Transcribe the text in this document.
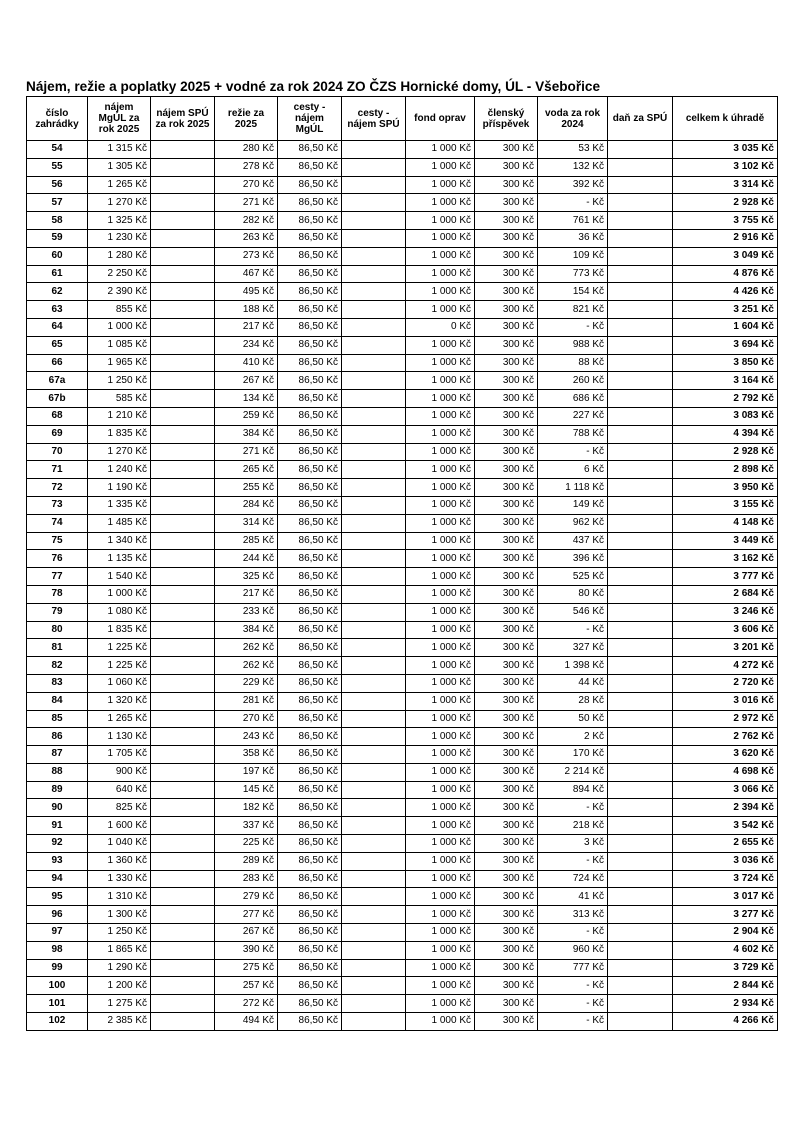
Nájem, režie a poplatky 2025 + vodné za rok 2024 ZO ČZS Hornické domy, ÚL - Všebořice
číslo zahrádky	nájem MgÚL za rok 2025	nájem SPÚ za rok 2025	režie za 2025	cesty - nájem MgÚL	cesty - nájem SPÚ	fond oprav	členský příspěvek	voda za rok 2024	daň za SPÚ	celkem k úhradě
54	1 315 Kč		280 Kč	86,50 Kč		1 000 Kč	300 Kč	53 Kč		3 035 Kč
55	1 305 Kč		278 Kč	86,50 Kč		1 000 Kč	300 Kč	132 Kč		3 102 Kč
56	1 265 Kč		270 Kč	86,50 Kč		1 000 Kč	300 Kč	392 Kč		3 314 Kč
57	1 270 Kč		271 Kč	86,50 Kč		1 000 Kč	300 Kč	- Kč		2 928 Kč
58	1 325 Kč		282 Kč	86,50 Kč		1 000 Kč	300 Kč	761 Kč		3 755 Kč
59	1 230 Kč		263 Kč	86,50 Kč		1 000 Kč	300 Kč	36 Kč		2 916 Kč
60	1 280 Kč		273 Kč	86,50 Kč		1 000 Kč	300 Kč	109 Kč		3 049 Kč
61	2 250 Kč		467 Kč	86,50 Kč		1 000 Kč	300 Kč	773 Kč		4 876 Kč
62	2 390 Kč		495 Kč	86,50 Kč		1 000 Kč	300 Kč	154 Kč		4 426 Kč
63	855 Kč		188 Kč	86,50 Kč		1 000 Kč	300 Kč	821 Kč		3 251 Kč
64	1 000 Kč		217 Kč	86,50 Kč		0 Kč	300 Kč	- Kč		1 604 Kč
65	1 085 Kč		234 Kč	86,50 Kč		1 000 Kč	300 Kč	988 Kč		3 694 Kč
66	1 965 Kč		410 Kč	86,50 Kč		1 000 Kč	300 Kč	88 Kč		3 850 Kč
67a	1 250 Kč		267 Kč	86,50 Kč		1 000 Kč	300 Kč	260 Kč		3 164 Kč
67b	585 Kč		134 Kč	86,50 Kč		1 000 Kč	300 Kč	686 Kč		2 792 Kč
68	1 210 Kč		259 Kč	86,50 Kč		1 000 Kč	300 Kč	227 Kč		3 083 Kč
69	1 835 Kč		384 Kč	86,50 Kč		1 000 Kč	300 Kč	788 Kč		4 394 Kč
70	1 270 Kč		271 Kč	86,50 Kč		1 000 Kč	300 Kč	- Kč		2 928 Kč
71	1 240 Kč		265 Kč	86,50 Kč		1 000 Kč	300 Kč	6 Kč		2 898 Kč
72	1 190 Kč		255 Kč	86,50 Kč		1 000 Kč	300 Kč	1 118 Kč		3 950 Kč
73	1 335 Kč		284 Kč	86,50 Kč		1 000 Kč	300 Kč	149 Kč		3 155 Kč
74	1 485 Kč		314 Kč	86,50 Kč		1 000 Kč	300 Kč	962 Kč		4 148 Kč
75	1 340 Kč		285 Kč	86,50 Kč		1 000 Kč	300 Kč	437 Kč		3 449 Kč
76	1 135 Kč		244 Kč	86,50 Kč		1 000 Kč	300 Kč	396 Kč		3 162 Kč
77	1 540 Kč		325 Kč	86,50 Kč		1 000 Kč	300 Kč	525 Kč		3 777 Kč
78	1 000 Kč		217 Kč	86,50 Kč		1 000 Kč	300 Kč	80 Kč		2 684 Kč
79	1 080 Kč		233 Kč	86,50 Kč		1 000 Kč	300 Kč	546 Kč		3 246 Kč
80	1 835 Kč		384 Kč	86,50 Kč		1 000 Kč	300 Kč	- Kč		3 606 Kč
81	1 225 Kč		262 Kč	86,50 Kč		1 000 Kč	300 Kč	327 Kč		3 201 Kč
82	1 225 Kč		262 Kč	86,50 Kč		1 000 Kč	300 Kč	1 398 Kč		4 272 Kč
83	1 060 Kč		229 Kč	86,50 Kč		1 000 Kč	300 Kč	44 Kč		2 720 Kč
84	1 320 Kč		281 Kč	86,50 Kč		1 000 Kč	300 Kč	28 Kč		3 016 Kč
85	1 265 Kč		270 Kč	86,50 Kč		1 000 Kč	300 Kč	50 Kč		2 972 Kč
86	1 130 Kč		243 Kč	86,50 Kč		1 000 Kč	300 Kč	2 Kč		2 762 Kč
87	1 705 Kč		358 Kč	86,50 Kč		1 000 Kč	300 Kč	170 Kč		3 620 Kč
88	900 Kč		197 Kč	86,50 Kč		1 000 Kč	300 Kč	2 214 Kč		4 698 Kč
89	640 Kč		145 Kč	86,50 Kč		1 000 Kč	300 Kč	894 Kč		3 066 Kč
90	825 Kč		182 Kč	86,50 Kč		1 000 Kč	300 Kč	- Kč		2 394 Kč
91	1 600 Kč		337 Kč	86,50 Kč		1 000 Kč	300 Kč	218 Kč		3 542 Kč
92	1 040 Kč		225 Kč	86,50 Kč		1 000 Kč	300 Kč	3 Kč		2 655 Kč
93	1 360 Kč		289 Kč	86,50 Kč		1 000 Kč	300 Kč	- Kč		3 036 Kč
94	1 330 Kč		283 Kč	86,50 Kč		1 000 Kč	300 Kč	724 Kč		3 724 Kč
95	1 310 Kč		279 Kč	86,50 Kč		1 000 Kč	300 Kč	41 Kč		3 017 Kč
96	1 300 Kč		277 Kč	86,50 Kč		1 000 Kč	300 Kč	313 Kč		3 277 Kč
97	1 250 Kč		267 Kč	86,50 Kč		1 000 Kč	300 Kč	- Kč		2 904 Kč
98	1 865 Kč		390 Kč	86,50 Kč		1 000 Kč	300 Kč	960 Kč		4 602 Kč
99	1 290 Kč		275 Kč	86,50 Kč		1 000 Kč	300 Kč	777 Kč		3 729 Kč
100	1 200 Kč		257 Kč	86,50 Kč		1 000 Kč	300 Kč	- Kč		2 844 Kč
101	1 275 Kč		272 Kč	86,50 Kč		1 000 Kč	300 Kč	- Kč		2 934 Kč
102	2 385 Kč		494 Kč	86,50 Kč		1 000 Kč	300 Kč	- Kč		4 266 Kč
